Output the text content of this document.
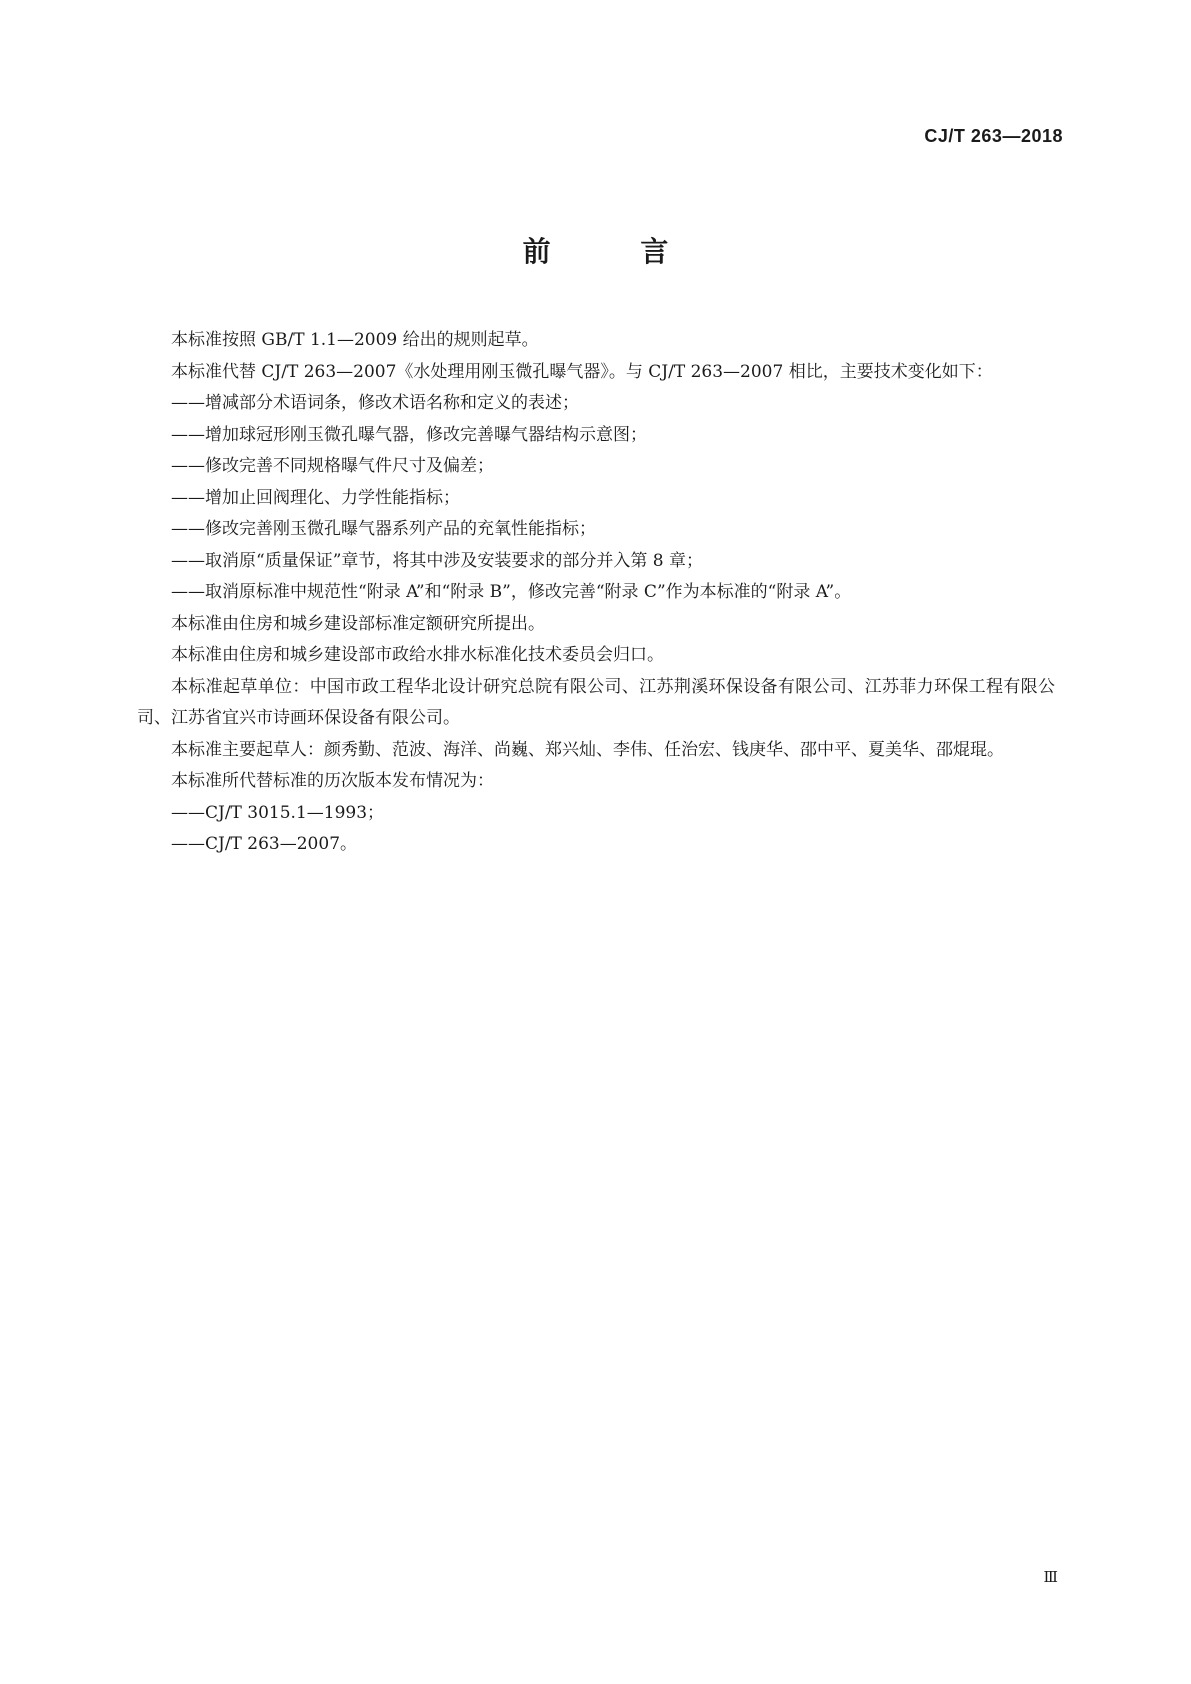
CJ/T 263—2018
前 言

本标准按照 GB/T 1.1—2009 给出的规则起草。

本标准代替 CJ/T 263—2007《水处理用刚玉微孔曝气器》。与 CJ/T 263—2007 相比，主要技术变化如下：

——增减部分术语词条，修改术语名称和定义的表述；

——增加球冠形刚玉微孔曝气器，修改完善曝气器结构示意图；

——修改完善不同规格曝气件尺寸及偏差；

——增加止回阀理化、力学性能指标；

——修改完善刚玉微孔曝气器系列产品的充氧性能指标；

——取消原“质量保证”章节，将其中涉及安装要求的部分并入第 8 章；

——取消原标准中规范性“附录 A”和“附录 B”，修改完善“附录 C”作为本标准的“附录 A”。

本标准由住房和城乡建设部标准定额研究所提出。

本标准由住房和城乡建设部市政给水排水标准化技术委员会归口。

本标准起草单位：中国市政工程华北设计研究总院有限公司、江苏荆溪环保设备有限公司、江苏菲力环保工程有限公司、江苏省宜兴市诗画环保设备有限公司。

本标准主要起草人：颜秀勤、范波、海洋、尚巍、郑兴灿、李伟、任治宏、钱庚华、邵中平、夏美华、邵焜琨。

本标准所代替标准的历次版本发布情况为：

——CJ/T 3015.1—1993；

——CJ/T 263—2007。

Ⅲ
